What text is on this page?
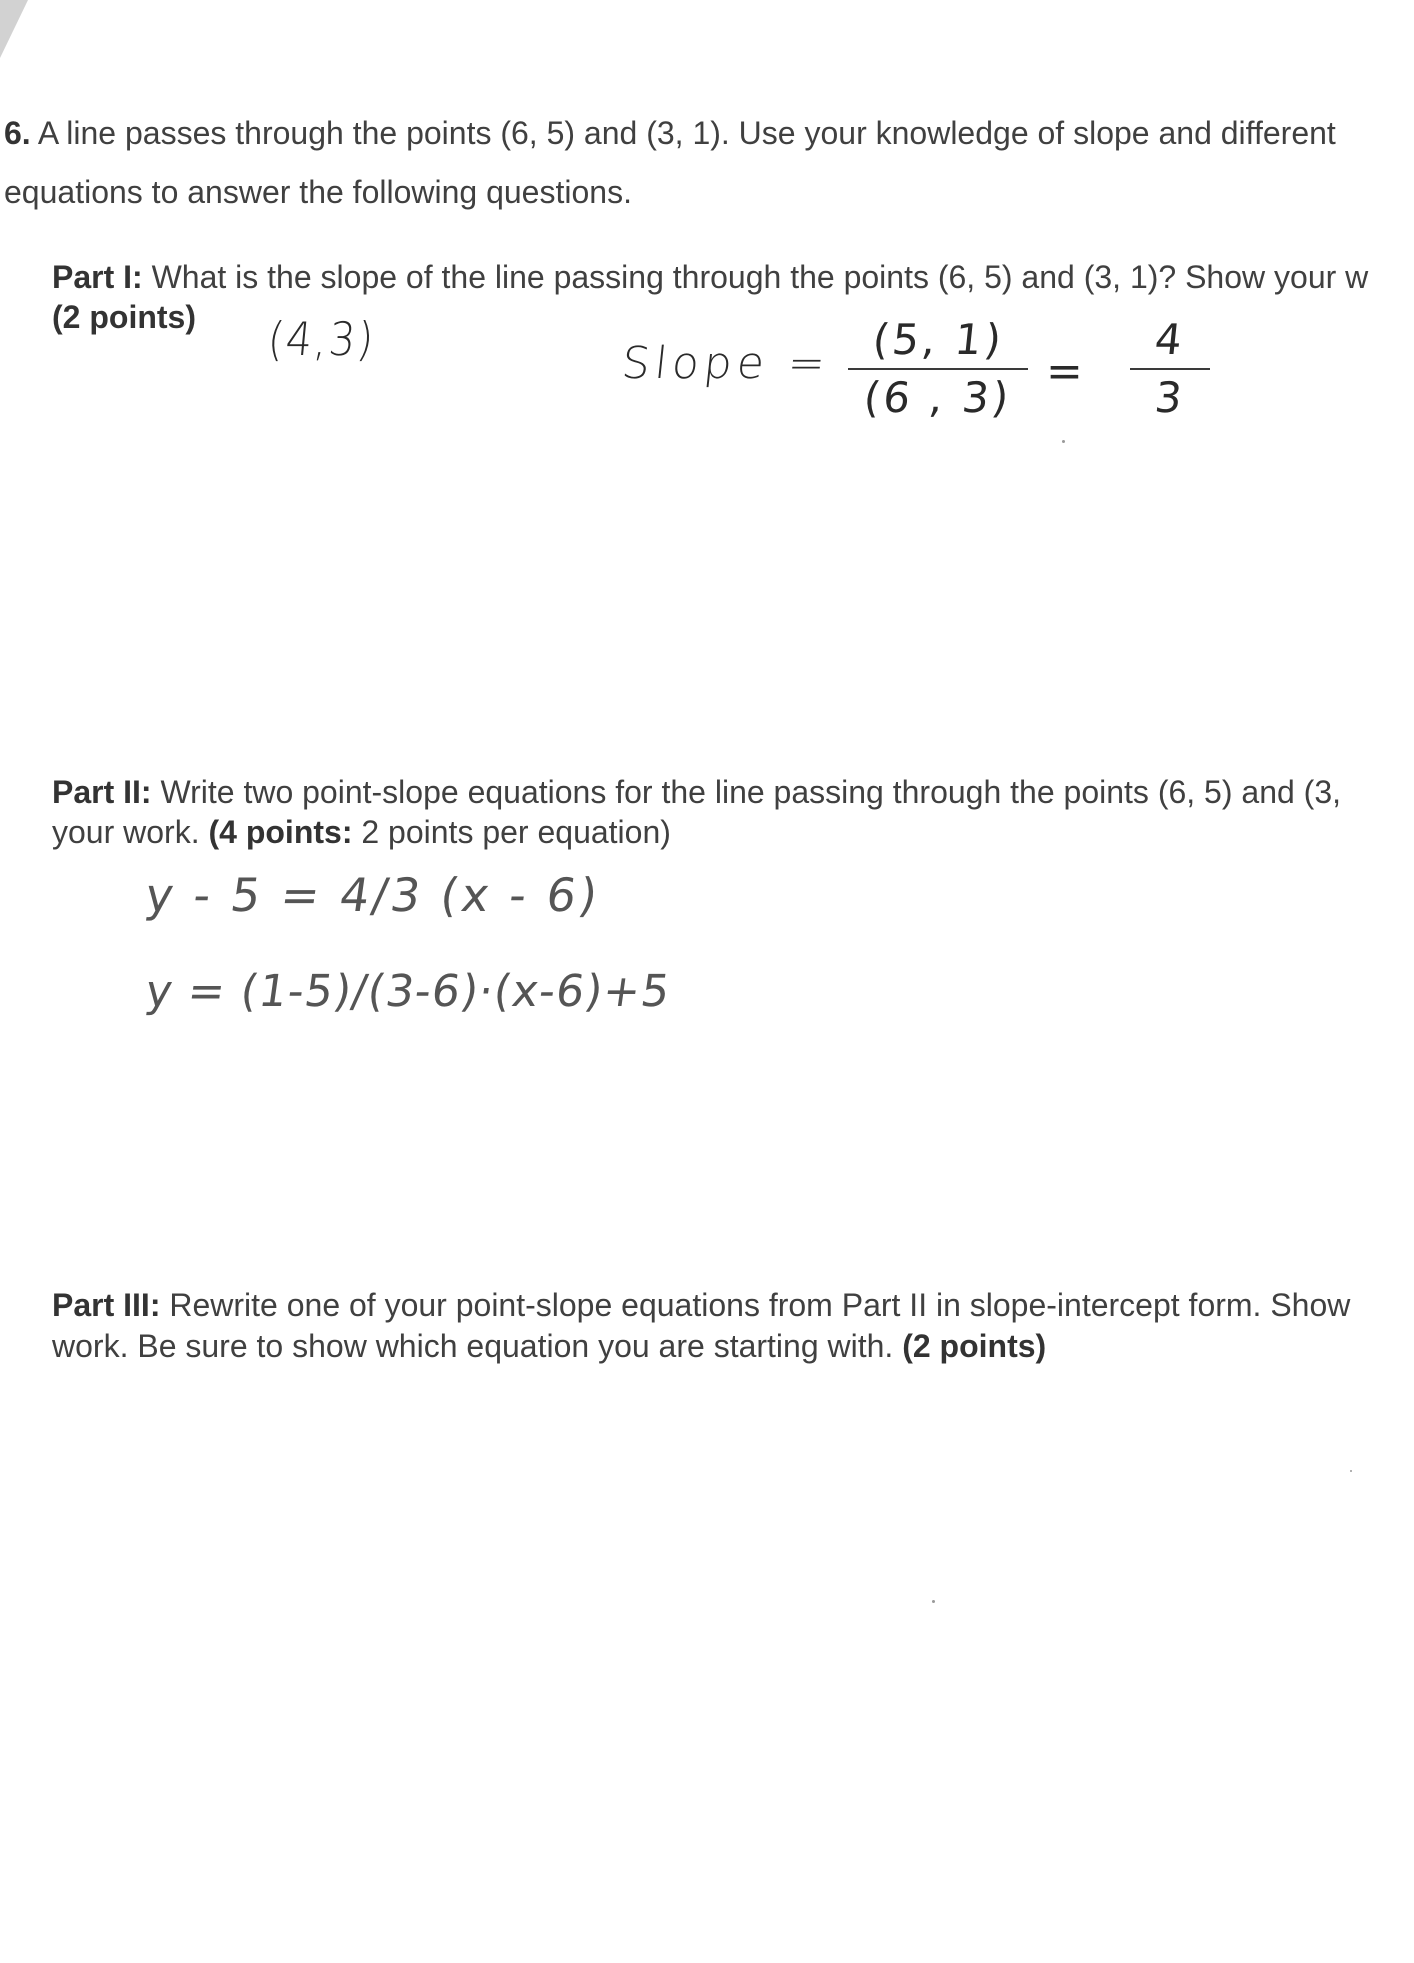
6. A line passes through the points (6, 5) and (3, 1). Use your knowledge of slope and different
equations to answer the following questions.
Part I: What is the slope of the line passing through the points (6, 5) and (3, 1)? Show your w
(2 points) (4,3)	Slope = (5, 1)
(6 , 3)
=
4
3
Part II: Write two point-slope equations for the line passing through the points (6, 5) and (3,
your work. (4 points: 2 points per equation)
y - 5 = 4/3 (x - 6)
y = (1-5)/(3-6)·(x-6)+5
Part III: Rewrite one of your point-slope equations from Part II in slope-intercept form. Show
work. Be sure to show which equation you are starting with. (2 points)
